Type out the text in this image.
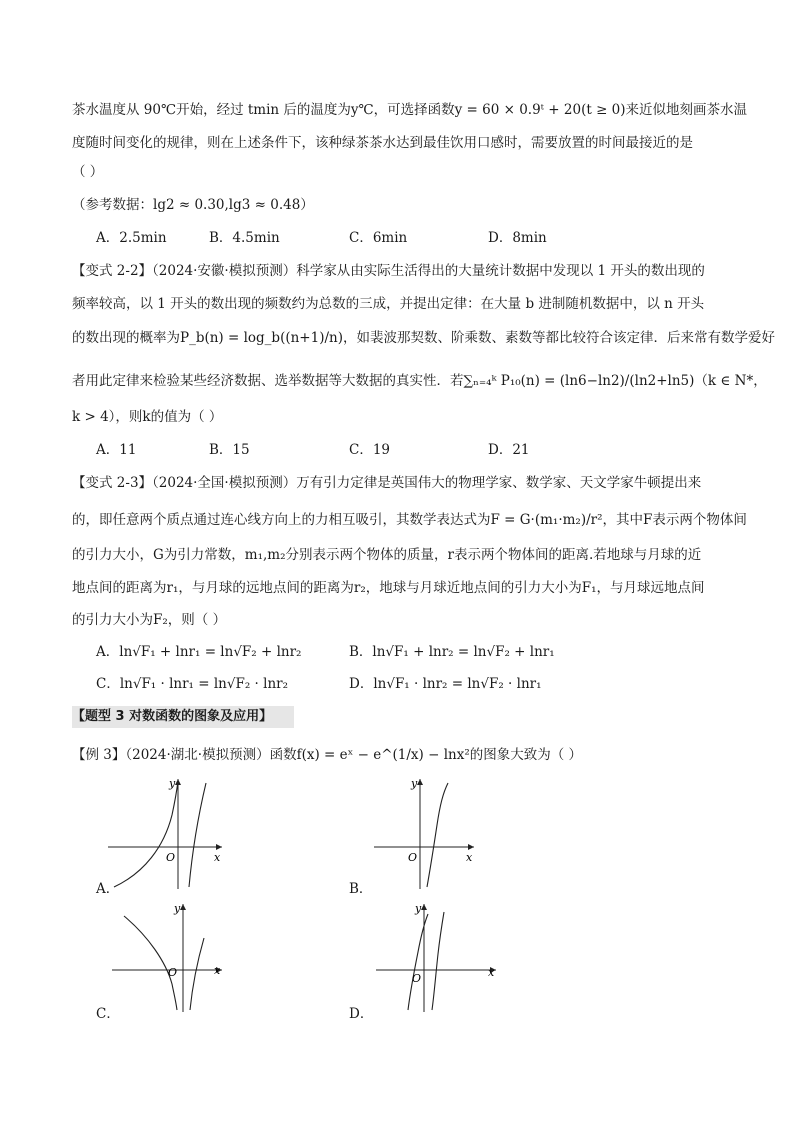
茶水温度从 90℃开始，经过 tmin 后的温度为y℃，可选择函数y = 60 × 0.9ᵗ + 20(t ≥ 0)来近似地刻画茶水温
度随时间变化的规律，则在上述条件下，该种绿茶茶水达到最佳饮用口感时，需要放置的时间最接近的是
（ ）
（参考数据：lg2 ≈ 0.30,lg3 ≈ 0.48）
A．2.5min	B．4.5min	C．6min	D．8min
【变式 2-2】（2024·安徽·模拟预测）科学家从由实际生活得出的大量统计数据中发现以 1 开头的数出现的
频率较高，以 1 开头的数出现的频数约为总数的三成，并提出定律：在大量 b 进制随机数据中，以 n 开头
的数出现的概率为P_b(n) = log_b((n+1)/n)，如裴波那契数、阶乘数、素数等都比较符合该定律．后来常有数学爱好
者用此定律来检验某些经济数据、选举数据等大数据的真实性．若∑ₙ₌₄ᵏ P₁₀(n) = (ln6−ln2)/(ln2+ln5)（k ∈ N*，
k > 4），则k的值为（ ）
A．11	B．15	C．19	D．21
【变式 2-3】（2024·全国·模拟预测）万有引力定律是英国伟大的物理学家、数学家、天文学家牛顿提出来
的，即任意两个质点通过连心线方向上的力相互吸引，其数学表达式为F = G·(m₁·m₂)/r²，其中F表示两个物体间
的引力大小，G为引力常数，m₁,m₂分别表示两个物体的质量，r表示两个物体间的距离.若地球与月球的近
地点间的距离为r₁，与月球的远地点间的距离为r₂，地球与月球近地点间的引力大小为F₁，与月球远地点间
的引力大小为F₂，则（ ）
A．ln√F₁ + lnr₁ = ln√F₂ + lnr₂	B．ln√F₁ + lnr₂ = ln√F₂ + lnr₁
C．ln√F₁ · lnr₁ = ln√F₂ · lnr₂	D．ln√F₁ · lnr₂ = ln√F₂ · lnr₁
【题型 3 对数函数的图象及应用】
【例 3】（2024·湖北·模拟预测）函数f(x) = eˣ − e^(1/x) − lnx²的图象大致为（ ）
x
y
O
A．
x
y
O
B．
x
y
O
C．
x
y
O
D．
